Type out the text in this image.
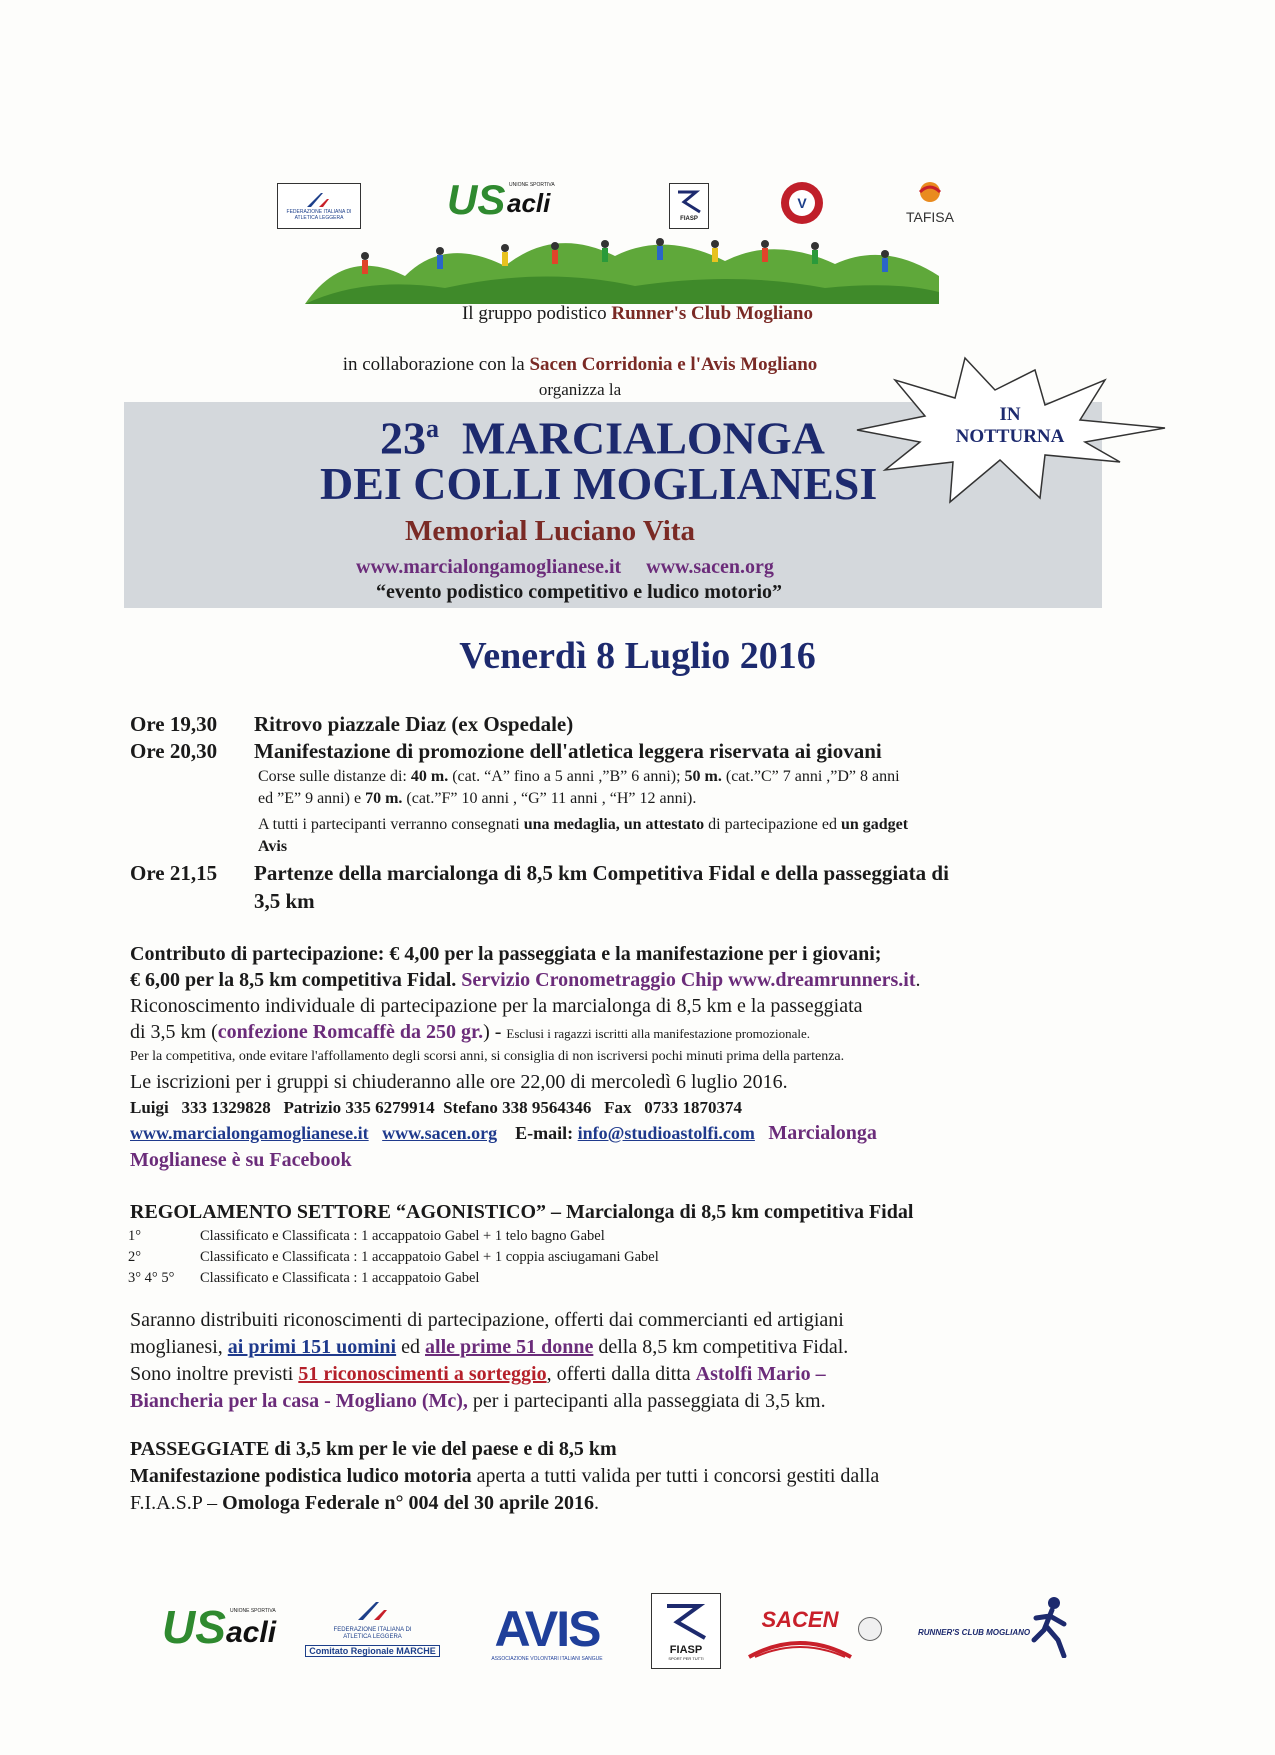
FEDERAZIONE ITALIANA DI ATLETICA LEGGERA	US UNIONE SPORTIVA
acli
FIASP
V
TAFISA
Il gruppo podistico Runner's Club Mogliano
in collaborazione con la Sacen Corridonia e l'Avis Mogliano
organizza la
23$^a$ MARCIALONGA
DEI COLLI MOGLIANESI
Memorial Luciano Vita
www.marcialongamoglianese.it www.sacen.org
“evento podistico competitivo e ludico motorio”
IN
NOTTURNA
Venerdì 8 Luglio 2016
Ore 19,30 Ritrovo piazzale Diaz (ex Ospedale)
Ore 20,30 Manifestazione di promozione dell'atletica leggera riservata ai giovani
Corse sulle distanze di: 40 m. (cat. “A” fino a 5 anni ,”B” 6 anni); 50 m. (cat.”C” 7 anni ,”D” 8 anni
ed ”E” 9 anni) e 70 m. (cat.”F” 10 anni , “G” 11 anni , “H” 12 anni).
A tutti i partecipanti verranno consegnati una medaglia, un attestato di partecipazione ed un gadget
Avis
Ore 21,15 Partenze della marcialonga di 8,5 km Competitiva Fidal e della passeggiata di
3,5 km
Contributo di partecipazione: € 4,00 per la passeggiata e la manifestazione per i giovani;
€ 6,00 per la 8,5 km competitiva Fidal. Servizio Cronometraggio Chip www.dreamrunners.it.
Riconoscimento individuale di partecipazione per la marcialonga di 8,5 km e la passeggiata
di 3,5 km (confezione Romcaffè da 250 gr.) - Esclusi i ragazzi iscritti alla manifestazione promozionale.
Per la competitiva, onde evitare l'affollamento degli scorsi anni, si consiglia di non iscriversi pochi minuti prima della partenza.
Le iscrizioni per i gruppi si chiuderanno alle ore 22,00 di mercoledì 6 luglio 2016.
Luigi   333 1329828   Patrizio 335 6279914  Stefano 338 9564346   Fax   0733 1870374
www.marcialongamoglianese.it www.sacen.org E-mail: info@studioastolfi.com Marcialonga
Moglianese è su Facebook
REGOLAMENTO SETTORE “AGONISTICO” – Marcialonga di 8,5 km competitiva Fidal
1°	Classificato e Classificata : 1 accappatoio Gabel + 1 telo bagno Gabel
2°	Classificato e Classificata : 1 accappatoio Gabel + 1 coppia asciugamani Gabel
3° 4° 5° Classificato e Classificata : 1 accappatoio Gabel
Saranno distribuiti riconoscimenti di partecipazione, offerti dai commercianti ed artigiani
moglianesi, ai primi 151 uomini ed alle prime 51 donne della 8,5 km competitiva Fidal.
Sono inoltre previsti 51 riconoscimenti a sorteggio, offerti dalla ditta Astolfi Mario –
Biancheria per la casa - Mogliano (Mc), per i partecipanti alla passeggiata di 3,5 km.
PASSEGGIATE di 3,5 km per le vie del paese e di 8,5 km
Manifestazione podistica ludico motoria aperta a tutti valida per tutti i concorsi gestiti dalla
F.I.A.S.P – Omologa Federale n° 004 del 30 aprile 2016.
US UNIONE SPORTIVA
acli	FEDERAZIONE ITALIANA DI ATLETICA LEGGERA
Comitato Regionale MARCHE	AVIS
ASSOCIAZIONE VOLONTARI ITALIANI SANGUE
FIASP
SPORT PER TUTTI
SACEN
RUNNER'S CLUB MOGLIANO
